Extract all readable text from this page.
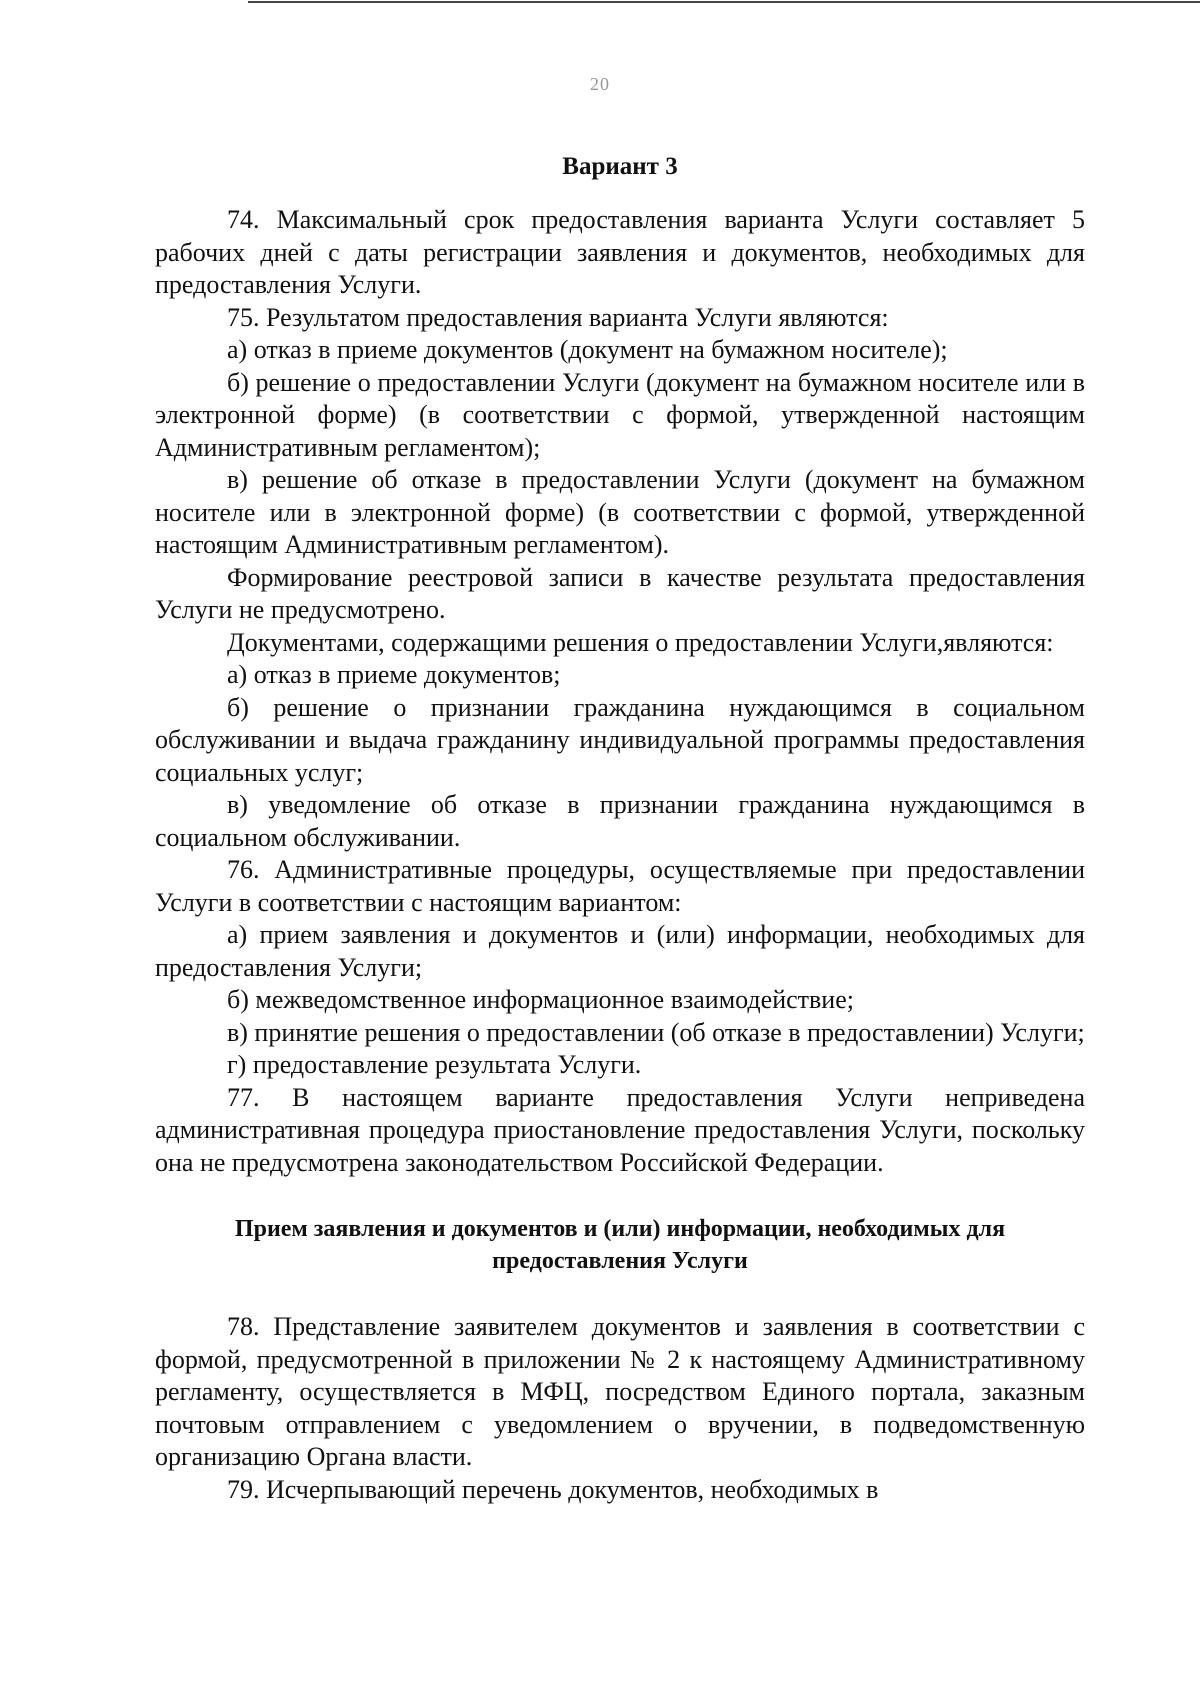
20
Вариант 3

74. Максимальный срок предоставления варианта Услуги составляет 5 рабочих дней с даты регистрации заявления и документов, необходимых для предоставления Услуги.

75. Результатом предоставления варианта Услуги являются:

а) отказ в приеме документов (документ на бумажном носителе);

б) решение о предоставлении Услуги (документ на бумажном носителе или в электронной форме) (в соответствии с формой, утвержденной настоящим Административным регламентом);

в) решение об отказе в предоставлении Услуги (документ на бумажном носителе или в электронной форме) (в соответствии с формой, утвержденной настоящим Административным регламентом).

Формирование реестровой записи в качестве результата предоставления Услуги не предусмотрено.

Документами, содержащими решения о предоставлении Услуги,являются:

а) отказ в приеме документов;

б) решение о признании гражданина нуждающимся в социальном обслуживании и выдача гражданину индивидуальной программы предоставления социальных услуг;

в) уведомление об отказе в признании гражданина нуждающимся в социальном обслуживании.

76. Административные процедуры, осуществляемые при предоставлении Услуги в соответствии с настоящим вариантом:

а) прием заявления и документов и (или) информации, необходимых для предоставления Услуги;

б) межведомственное информационное взаимодействие;

в) принятие решения о предоставлении (об отказе в предоставлении) Услуги;

г) предоставление результата Услуги.

77. В настоящем варианте предоставления Услуги неприведена административная процедура приостановление предоставления Услуги, поскольку она не предусмотрена законодательством Российской Федерации.

Прием заявления и документов и (или) информации, необходимых для предоставления Услуги

78. Представление заявителем документов и заявления в соответствии с формой, предусмотренной в приложении № 2 к настоящему Административному регламенту, осуществляется в МФЦ, посредством Единого портала, заказным почтовым отправлением с уведомлением о вручении, в подведомственную организацию Органа власти.

79. Исчерпывающий перечень документов, необходимых в
